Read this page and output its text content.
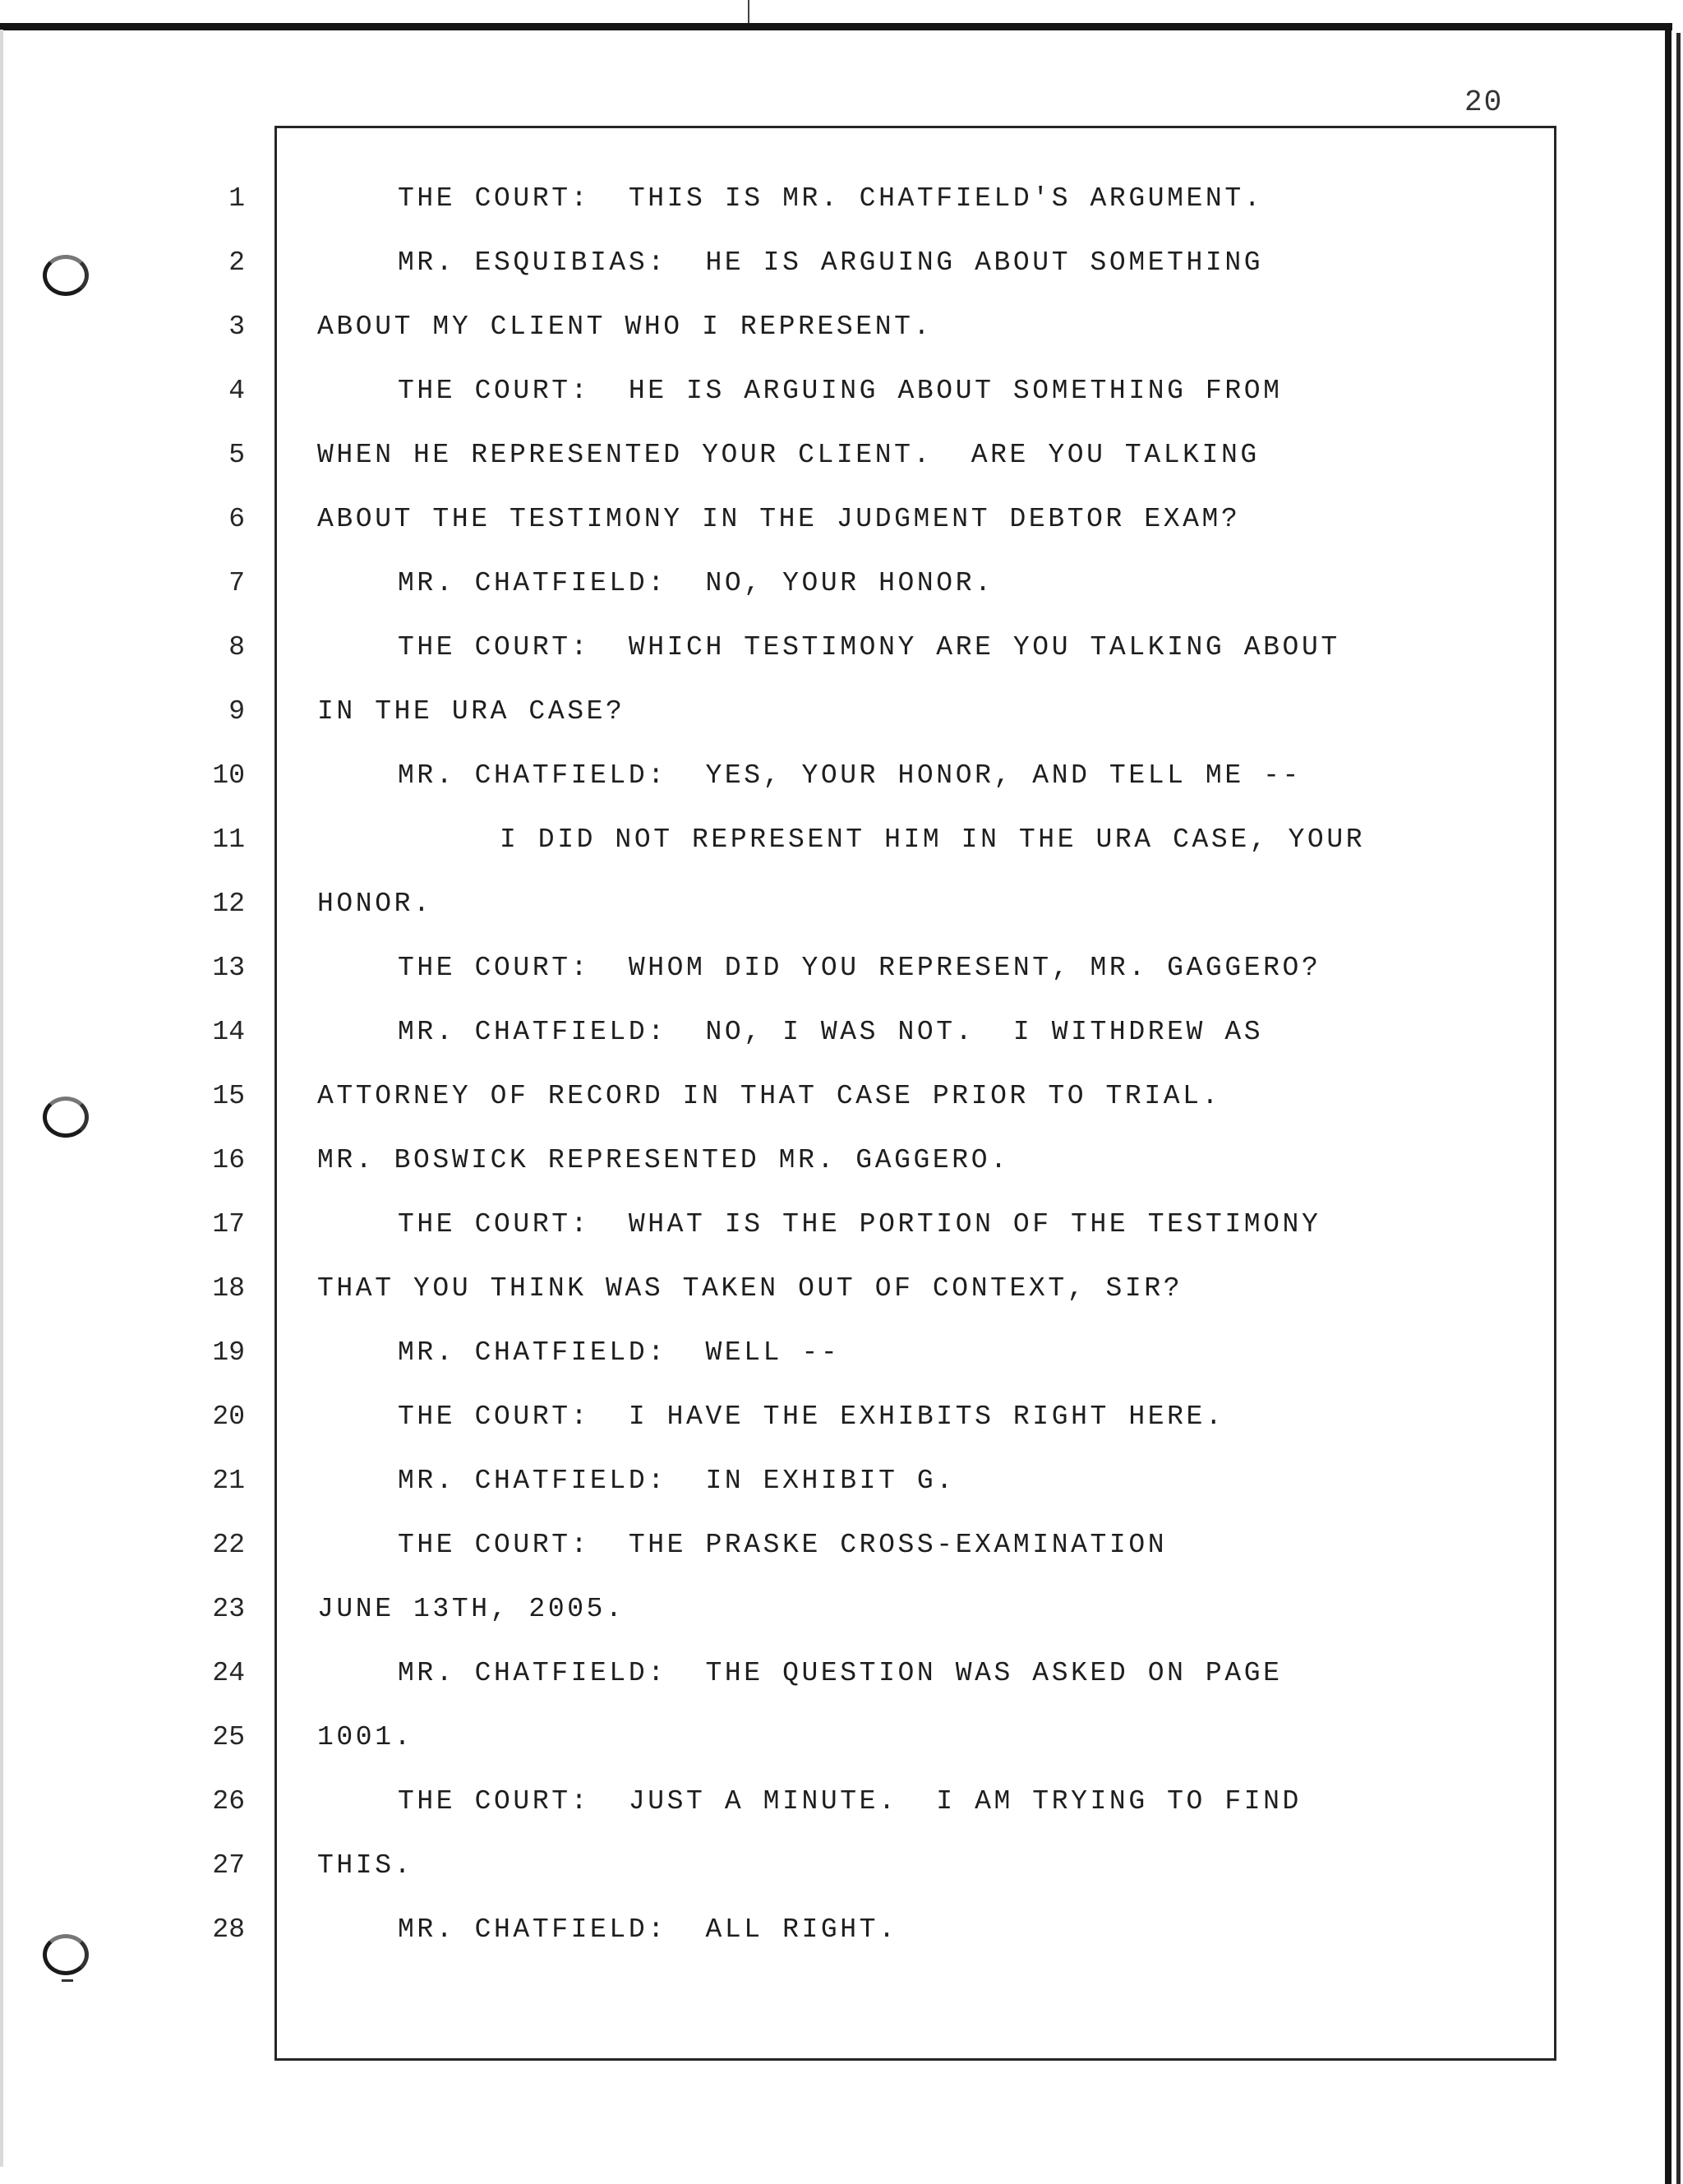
20
1
2
3
4
5
6
7
8
9
10
11
12
13
14
15
16
17
18
19
20
21
22
23
24
25
26
27
28
THE COURT:  THIS IS MR. CHATFIELD'S ARGUMENT.
MR. ESQUIBIAS:  HE IS ARGUING ABOUT SOMETHING
ABOUT MY CLIENT WHO I REPRESENT.
THE COURT:  HE IS ARGUING ABOUT SOMETHING FROM
WHEN HE REPRESENTED YOUR CLIENT.  ARE YOU TALKING
ABOUT THE TESTIMONY IN THE JUDGMENT DEBTOR EXAM?
MR. CHATFIELD:  NO, YOUR HONOR.
THE COURT:  WHICH TESTIMONY ARE YOU TALKING ABOUT
IN THE URA CASE?
MR. CHATFIELD:  YES, YOUR HONOR, AND TELL ME --
I DID NOT REPRESENT HIM IN THE URA CASE, YOUR
HONOR.
THE COURT:  WHOM DID YOU REPRESENT, MR. GAGGERO?
MR. CHATFIELD:  NO, I WAS NOT.  I WITHDREW AS
ATTORNEY OF RECORD IN THAT CASE PRIOR TO TRIAL.
MR. BOSWICK REPRESENTED MR. GAGGERO.
THE COURT:  WHAT IS THE PORTION OF THE TESTIMONY
THAT YOU THINK WAS TAKEN OUT OF CONTEXT, SIR?
MR. CHATFIELD:  WELL --
THE COURT:  I HAVE THE EXHIBITS RIGHT HERE.
MR. CHATFIELD:  IN EXHIBIT G.
THE COURT:  THE PRASKE CROSS-EXAMINATION
JUNE 13TH, 2005.
MR. CHATFIELD:  THE QUESTION WAS ASKED ON PAGE
1001.
THE COURT:  JUST A MINUTE.  I AM TRYING TO FIND
THIS.
MR. CHATFIELD:  ALL RIGHT.
